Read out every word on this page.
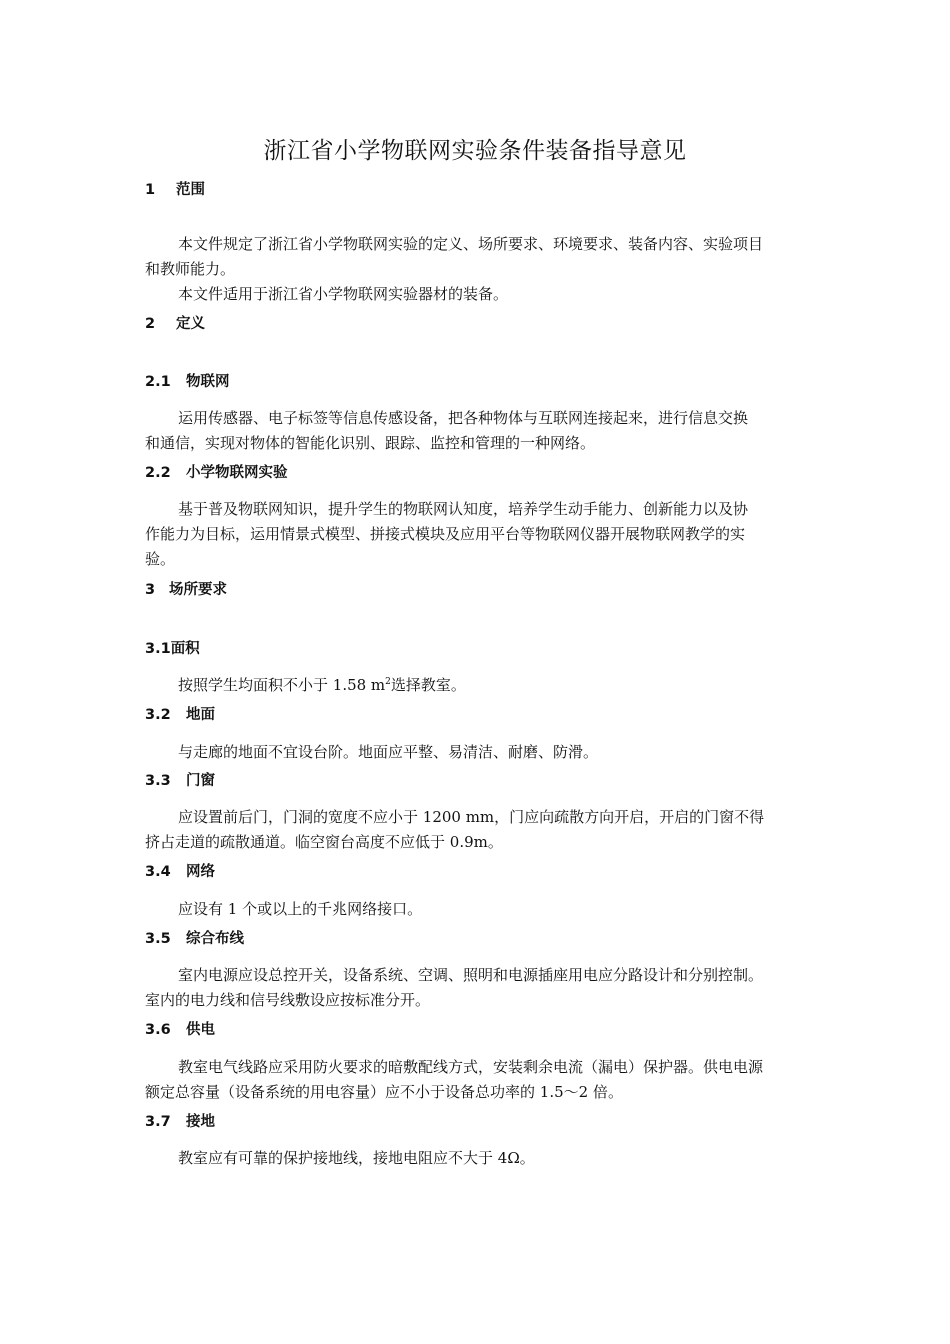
浙江省小学物联网实验条件装备指导意见
1 范围
本文件规定了浙江省小学物联网实验的定义、场所要求、环境要求、装备内容、实验项目
和教师能力。
本文件适用于浙江省小学物联网实验器材的装备。
2 定义
2.1 物联网
运用传感器、电子标签等信息传感设备，把各种物体与互联网连接起来，进行信息交换
和通信，实现对物体的智能化识别、跟踪、监控和管理的一种网络。
2.2 小学物联网实验
基于普及物联网知识，提升学生的物联网认知度，培养学生动手能力、创新能力以及协
作能力为目标，运用情景式模型、拼接式模块及应用平台等物联网仪器开展物联网教学的实
验。
3 场所要求
3.1面积
按照学生均面积不小于 1.58 $m^2$选择教室。
3.2 地面
与走廊的地面不宜设台阶。地面应平整、易清洁、耐磨、防滑。
3.3 门窗
应设置前后门，门洞的宽度不应小于 1200 mm，门应向疏散方向开启，开启的门窗不得
挤占走道的疏散通道。临空窗台高度不应低于 0.9m。
3.4 网络
应设有 1 个或以上的千兆网络接口。
3.5 综合布线
室内电源应设总控开关，设备系统、空调、照明和电源插座用电应分路设计和分别控制。
室内的电力线和信号线敷设应按标准分开。
3.6 供电
教室电气线路应采用防火要求的暗敷配线方式，安装剩余电流（漏电）保护器。供电电源
额定总容量（设备系统的用电容量）应不小于设备总功率的 1.5～2 倍。
3.7 接地
教室应有可靠的保护接地线，接地电阻应不大于 4Ω。
